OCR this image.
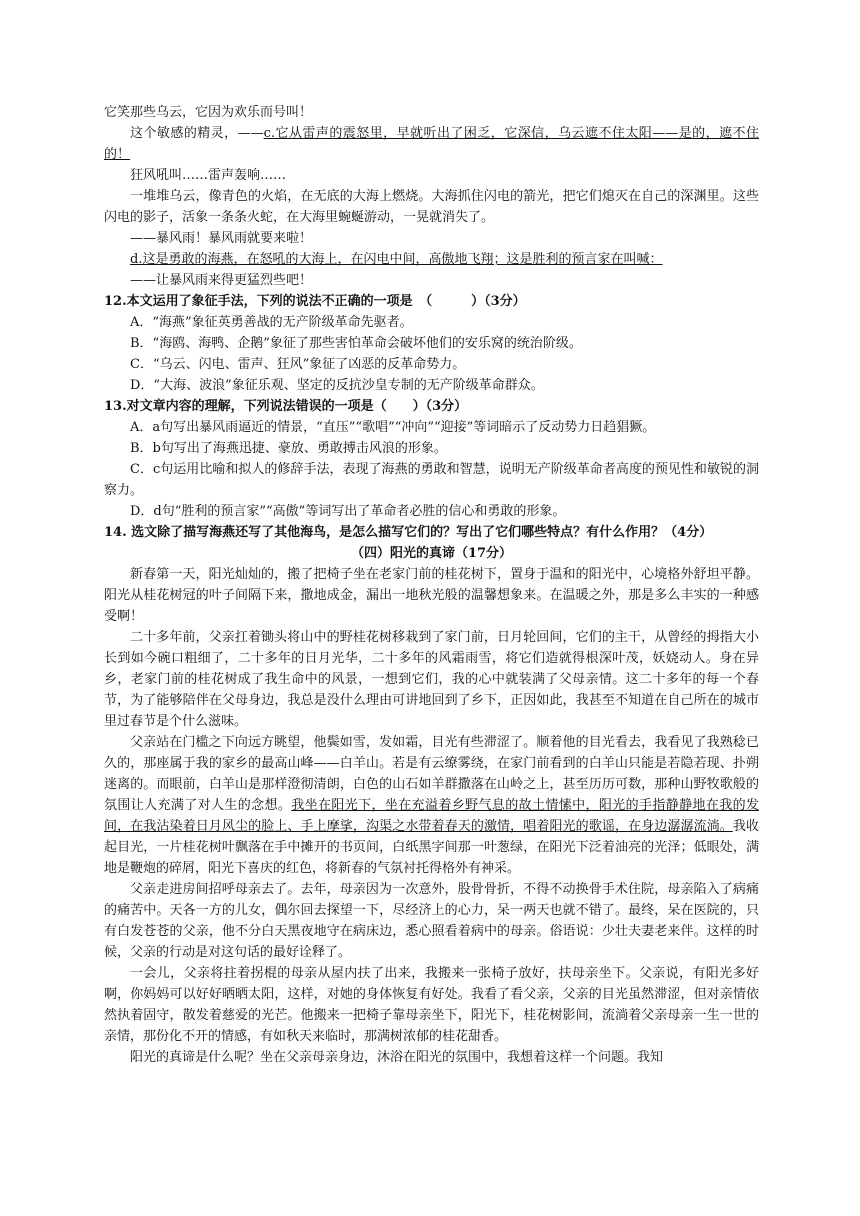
它笑那些乌云，它因为欢乐而号叫！

这个敏感的精灵，——c.它从雷声的震怒里，早就听出了困乏，它深信，乌云遮不住太阳——是的，遮不住的！

狂风吼叫……雷声轰响……

一堆堆乌云，像青色的火焰，在无底的大海上燃烧。大海抓住闪电的箭光，把它们熄灭在自己的深渊里。这些闪电的影子，活象一条条火蛇，在大海里蜿蜒游动，一晃就消失了。

——暴风雨！暴风雨就要来啦！

d.这是勇敢的海燕，在怒吼的大海上，在闪电中间，高傲地飞翔；这是胜利的预言家在叫喊：

——让暴风雨来得更猛烈些吧！

12.本文运用了象征手法，下列的说法不正确的一项是　（　　　）（3分）

A．“海燕”象征英勇善战的无产阶级革命先驱者。

B．“海鸥、海鸭、企鹅”象征了那些害怕革命会破坏他们的安乐窝的统治阶级。

C．“乌云、闪电、雷声、狂风”象征了凶恶的反革命势力。

D．“大海、波浪”象征乐观、坚定的反抗沙皇专制的无产阶级革命群众。

13.对文章内容的理解，下列说法错误的一项是（　　）（3分）

A．a句写出暴风雨逼近的情景，“直压”“歌唱”“冲向”“迎接”等词暗示了反动势力日趋猖獗。

B．b句写出了海燕迅捷、豪放、勇敢搏击风浪的形象。

C．c句运用比喻和拟人的修辞手法，表现了海燕的勇敢和智慧，说明无产阶级革命者高度的预见性和敏锐的洞察力。

D．d句“胜利的预言家”“高傲”等词写出了革命者必胜的信心和勇敢的形象。

14. 选文除了描写海燕还写了其他海鸟，是怎么描写它们的？写出了它们哪些特点？有什么作用？（4分）

（四）阳光的真谛（17分）

新春第一天，阳光灿灿的，搬了把椅子坐在老家门前的桂花树下，置身于温和的阳光中，心境格外舒坦平静。阳光从桂花树冠的叶子间隔下来，撒地成金，漏出一地秋光般的温馨想象来。在温暖之外，那是多么丰实的一种感受啊！

二十多年前，父亲扛着锄头将山中的野桂花树移栽到了家门前，日月轮回间，它们的主干，从曾经的拇指大小长到如今碗口粗细了，二十多年的日月光华，二十多年的风霜雨雪，将它们造就得根深叶茂，妖娆动人。身在异乡，老家门前的桂花树成了我生命中的风景，一想到它们，我的心中就装满了父母亲情。这二十多年的每一个春节，为了能够陪伴在父母身边，我总是没什么理由可讲地回到了乡下，正因如此，我甚至不知道在自己所在的城市里过春节是个什么滋味。

父亲站在门槛之下向远方眺望，他鬓如雪，发如霜，目光有些滞涩了。顺着他的目光看去，我看见了我熟稔已久的，那座属于我的家乡的最高山峰——白羊山。若是有云缭雾绕，在家门前看到的白羊山只能是若隐若现、扑朔迷离的。而眼前，白羊山是那样澄彻清朗，白色的山石如羊群撒落在山岭之上，甚至历历可数，那种山野牧歌般的氛围让人充满了对人生的念想。我坐在阳光下，坐在充溢着乡野气息的故土情愫中，阳光的手指静静地在我的发间，在我沾染着日月风尘的脸上、手上摩挲，沟渠之水带着春天的激情，唱着阳光的歌谣，在身边潺潺流淌。我收起目光，一片桂花树叶飘落在手中摊开的书页间，白纸黑字间那一叶葱绿，在阳光下泛着油亮的光泽；低眼处，满地是鞭炮的碎屑，阳光下喜庆的红色，将新春的气氛衬托得格外有神采。

父亲走进房间招呼母亲去了。去年，母亲因为一次意外，股骨骨折，不得不动换骨手术住院，母亲陷入了病痛的痛苦中。天各一方的儿女，偶尔回去探望一下，尽经济上的心力，呆一两天也就不错了。最终，呆在医院的，只有白发苍苍的父亲，他不分白天黑夜地守在病床边，悉心照看着病中的母亲。俗语说：少壮夫妻老来伴。这样的时候，父亲的行动是对这句话的最好诠释了。

一会儿，父亲将拄着拐棍的母亲从屋内扶了出来，我搬来一张椅子放好，扶母亲坐下。父亲说，有阳光多好啊，你妈妈可以好好晒晒太阳，这样，对她的身体恢复有好处。我看了看父亲，父亲的目光虽然滞涩，但对亲情依然执着固守，散发着慈爱的光芒。他搬来一把椅子靠母亲坐下，阳光下，桂花树影间，流淌着父亲母亲一生一世的亲情，那份化不开的情感，有如秋天来临时，那满树浓郁的桂花甜香。

阳光的真谛是什么呢？坐在父亲母亲身边，沐浴在阳光的氛围中，我想着这样一个问题。我知
